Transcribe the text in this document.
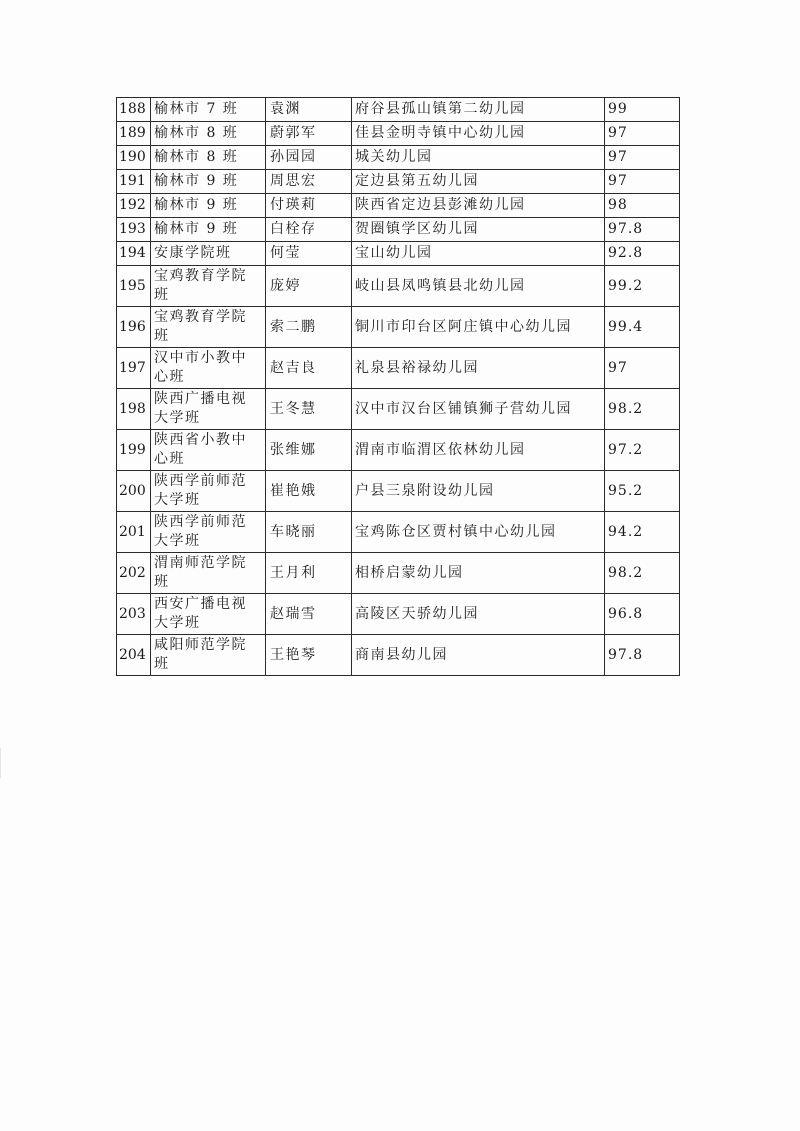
188	榆林市 7 班	袁渊	府谷县孤山镇第二幼儿园	99
189	榆林市 8 班	蔚郭军	佳县金明寺镇中心幼儿园	97
190	榆林市 8 班	孙园园	城关幼儿园	97
191	榆林市 9 班	周思宏	定边县第五幼儿园	97
192	榆林市 9 班	付瑛莉	陕西省定边县彭滩幼儿园	98
193	榆林市 9 班	白栓存	贺圈镇学区幼儿园	97.8
194	安康学院班	何莹	宝山幼儿园	92.8
195	宝鸡教育学院班	庞婷	岐山县凤鸣镇县北幼儿园	99.2
196	宝鸡教育学院班	索二鹏	铜川市印台区阿庄镇中心幼儿园	99.4
197	汉中市小教中心班	赵吉良	礼泉县裕禄幼儿园	97
198	陕西广播电视大学班	王冬慧	汉中市汉台区铺镇狮子营幼儿园	98.2
199	陕西省小教中心班	张维娜	渭南市临渭区依林幼儿园	97.2
200	陕西学前师范大学班	崔艳娥	户县三泉附设幼儿园	95.2
201	陕西学前师范大学班	车晓丽	宝鸡陈仓区贾村镇中心幼儿园	94.2
202	渭南师范学院班	王月利	相桥启蒙幼儿园	98.2
203	西安广播电视大学班	赵瑞雪	高陵区天骄幼儿园	96.8
204	咸阳师范学院班	王艳琴	商南县幼儿园	97.8
